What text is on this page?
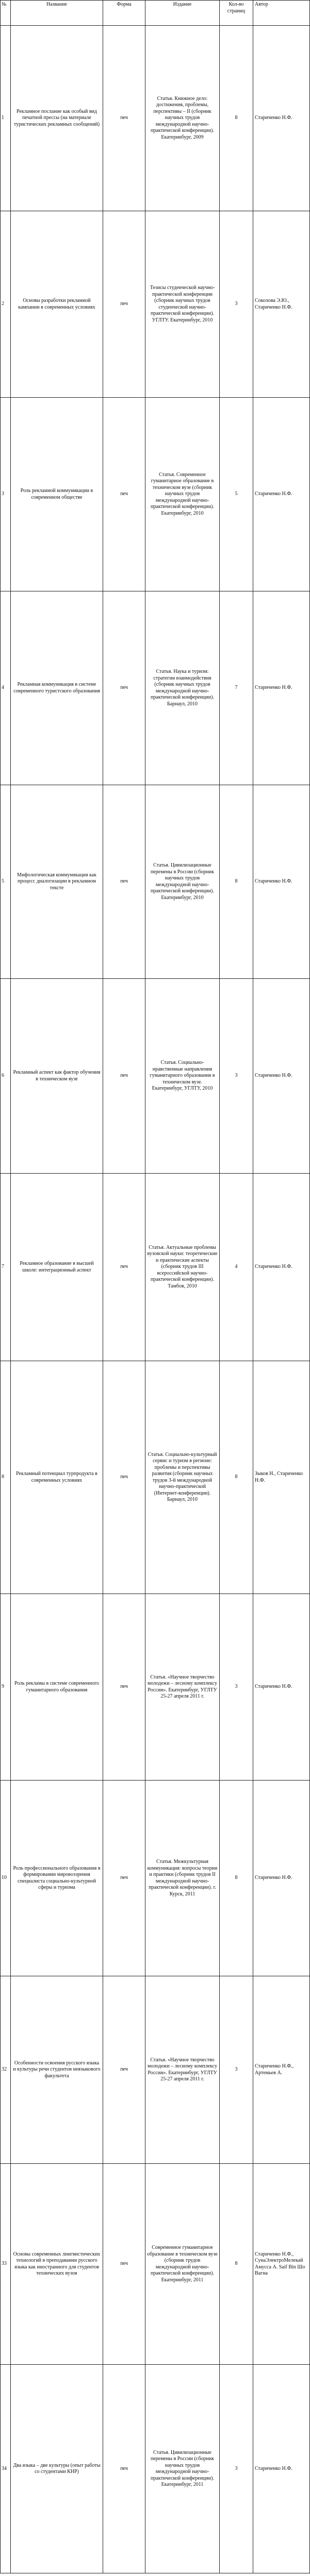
№	Название	Форма	Издание	Кол-во страниц	Автор
1	Рекламное послание как особый вид печатной прессы (на материале туристических рекламных сообщений)	печ	Статья. Книжное дело: достижения, проблемы, перспективы – II (сборник научных трудов международной научно-практической конференции). Екатеринбург, 2009	8	Стариченко Н.Ф.
2	Основы разработки рекламной кампании в современных условиях	печ	Тезисы студенческой научно-практической конференции (сборник научных трудов студенческой научно-практической конференции). УГЛТУ. Екатеринбург, 2010	3	Соколова Э.Ю., Стариченко Н.Ф.
3	Роль рекламной коммуникации в современном обществе	печ	Статья. Современное гуманитарное образование в техническом вузе (сборник научных трудов международной научно-практической конференции). Екатеринбург, 2010	5	Стариченко Н.Ф.
4	Рекламная коммуникация в системе современного туристского образования	печ	Статья. Наука и туризм: стратегии взаимодействия (сборник научных трудов международной научно-практической конференции). Барнаул, 2010	7	Стариченко Н.Ф.
5	Мифологическая коммуникация как процесс диалогизации в рекламном тексте	печ	Статья. Цивилизационные перемены в России (сборник научных трудов международной научно-практической конференции). Екатеринбург, 2010	8	Стариченко Н.Ф.
6	Рекламный аспект как фактор обучения в техническом вузе	печ	Статья. Социально-нравственные направления гуманитарного образования в техническом вузе. Екатеринбург, УГЛТУ, 2010	3	Стариченко Н.Ф.
7	Рекламное образование в высшей школе: интеграционный аспект	печ	Статья. Актуальные проблемы вузовской науки: теоретические и практические аспекты (сборник трудов III всероссийской научно-практической конференции). Тамбов, 2010	4	Стариченко Н.Ф.
8	Рекламный потенциал турпродукта в современных условиях	печ	Статья. Социально-культурный сервис и туризм в регионе: проблемы и перспективы развития (сборник научных трудов 3-й международной научно-практической (Интернет-конференции). Барнаул, 2010	8	Зыков Н., Стариченко Н.Ф.
9	Роль рекламы в системе современного гуманитарного образования	печ	Статья. «Научное творчество молодежи – лесному комплексу России». Екатеринбург, УГЛТУ 25-27 апреля 2011 г.	3	Стариченко Н.Ф.
10	Роль профессионального образования в формировании мировоззрения специалиста социально-культурной сферы и туризма	печ	Статья. Межкультурная коммуникация: вопросы теории и практики (сборник трудов II международной научно-практической конференции). г. Курск, 2011	8	Стариченко Н.Ф.
32	Особенности освоения русского языка и культуры речи студентов неязыкового факультета	печ	Статья. «Научное творчество молодежи – лесному комплексу России». Екатеринбург, УГЛТУ 25-27 апреля 2011 г.	3	Стариченко Н.Ф., Артемьев А.
33	Основы современных лингвистических технологий в преподавании русского языка как иностранного для студентов технических вузов	печ	Современное гуманитарное образование в техническом вузе (сборник трудов международной научно-практической конференции). Екатеринбург, 2011	8	Стариченко Н.Ф., СунаЭлектроМелекай Амусса А. Saif Bin Шо Вагна
34	Два языка – две культуры (опыт работы со студентами КНР)	печ	Статья. Цивилизационные перемены в России (сборник научных трудов международной научно-практической конференции). Екатеринбург, 2011	3	Стариченко Н.Ф.
